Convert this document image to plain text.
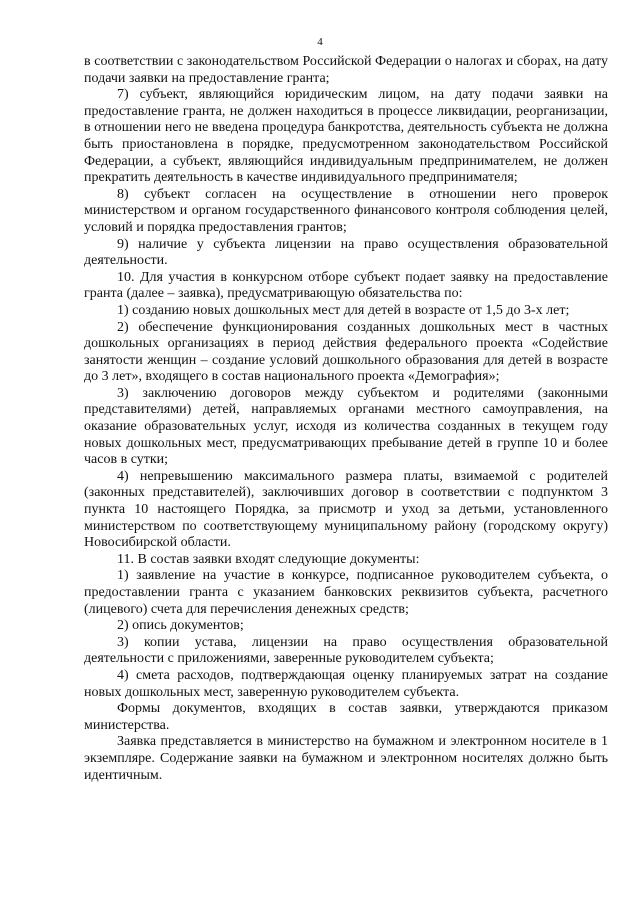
4

в соответствии с законодательством Российской Федерации о налогах и сборах, на дату подачи заявки на предоставление гранта;

7) субъект, являющийся юридическим лицом, на дату подачи заявки на предоставление гранта, не должен находиться в процессе ликвидации, реорганизации, в отношении него не введена процедура банкротства, деятельность субъекта не должна быть приостановлена в порядке, предусмотренном законодательством Российской Федерации, а субъект, являющийся индивидуальным предпринимателем, не должен прекратить деятельность в качестве индивидуального предпринимателя;

8) субъект согласен на осуществление в отношении него проверок министерством и органом государственного финансового контроля соблюдения целей, условий и порядка предоставления грантов;

9) наличие у субъекта лицензии на право осуществления образовательной деятельности.

10. Для участия в конкурсном отборе субъект подает заявку на предоставление гранта (далее – заявка), предусматривающую обязательства по:

1) созданию новых дошкольных мест для детей в возрасте от 1,5 до 3-х лет;

2) обеспечение функционирования созданных дошкольных мест в частных дошкольных организациях в период действия федерального проекта «Содействие занятости женщин – создание условий дошкольного образования для детей в возрасте до 3 лет», входящего в состав национального проекта «Демография»;

3) заключению договоров между субъектом и родителями (законными представителями) детей, направляемых органами местного самоуправления, на оказание образовательных услуг, исходя из количества созданных в текущем году новых дошкольных мест, предусматривающих пребывание детей в группе 10 и более часов в сутки;

4) непревышению максимального размера платы, взимаемой с родителей (законных представителей), заключивших договор в соответствии с подпунктом 3 пункта 10 настоящего Порядка, за присмотр и уход за детьми, установленного министерством по соответствующему муниципальному району (городскому округу) Новосибирской области.

11. В состав заявки входят следующие документы:

1) заявление на участие в конкурсе, подписанное руководителем субъекта, о предоставлении гранта с указанием банковских реквизитов субъекта, расчетного (лицевого) счета для перечисления денежных средств;

2) опись документов;

3) копии устава, лицензии на право осуществления образовательной деятельности с приложениями, заверенные руководителем субъекта;

4) смета расходов, подтверждающая оценку планируемых затрат на создание новых дошкольных мест, заверенную руководителем субъекта.

Формы документов, входящих в состав заявки, утверждаются приказом министерства.

Заявка представляется в министерство на бумажном и электронном носителе в 1 экземпляре. Содержание заявки на бумажном и электронном носителях должно быть идентичным.
